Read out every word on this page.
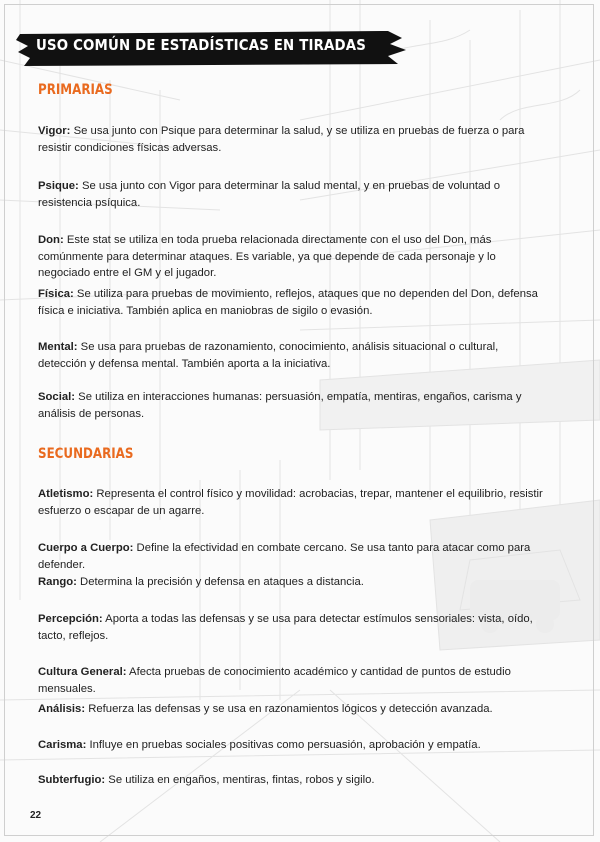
USO COMÚN DE ESTADÍSTICAS EN TIRADAS
PRIMARIAS
Vigor: Se usa junto con Psique para determinar la salud, y se utiliza en pruebas de fuerza o para resistir condiciones físicas adversas.
Psique: Se usa junto con Vigor para determinar la salud mental, y en pruebas de voluntad o resistencia psíquica.
Don: Este stat se utiliza en toda prueba relacionada directamente con el uso del Don, más comúnmente para determinar ataques. Es variable, ya que depende de cada personaje y lo negociado entre el GM y el jugador.
Física: Se utiliza para pruebas de movimiento, reflejos, ataques que no dependen del Don, defensa física e iniciativa. También aplica en maniobras de sigilo o evasión.
Mental: Se usa para pruebas de razonamiento, conocimiento, análisis situacional o cultural, detección y defensa mental. También aporta a la iniciativa.
Social: Se utiliza en interacciones humanas: persuasión, empatía, mentiras, engaños, carisma y análisis de personas.
SECUNDARIAS
Atletismo: Representa el control físico y movilidad: acrobacias, trepar, mantener el equilibrio, resistir esfuerzo o escapar de un agarre.
Cuerpo a Cuerpo: Define la efectividad en combate cercano. Se usa tanto para atacar como para defender.
Rango: Determina la precisión y defensa en ataques a distancia.
Percepción: Aporta a todas las defensas y se usa para detectar estímulos sensoriales: vista, oído, tacto, reflejos.
Cultura General: Afecta pruebas de conocimiento académico y cantidad de puntos de estudio mensuales.
Análisis: Refuerza las defensas y se usa en razonamientos lógicos y detección avanzada.
Carisma: Influye en pruebas sociales positivas como persuasión, aprobación y empatía.
Subterfugio: Se utiliza en engaños, mentiras, fintas, robos y sigilo.
22
